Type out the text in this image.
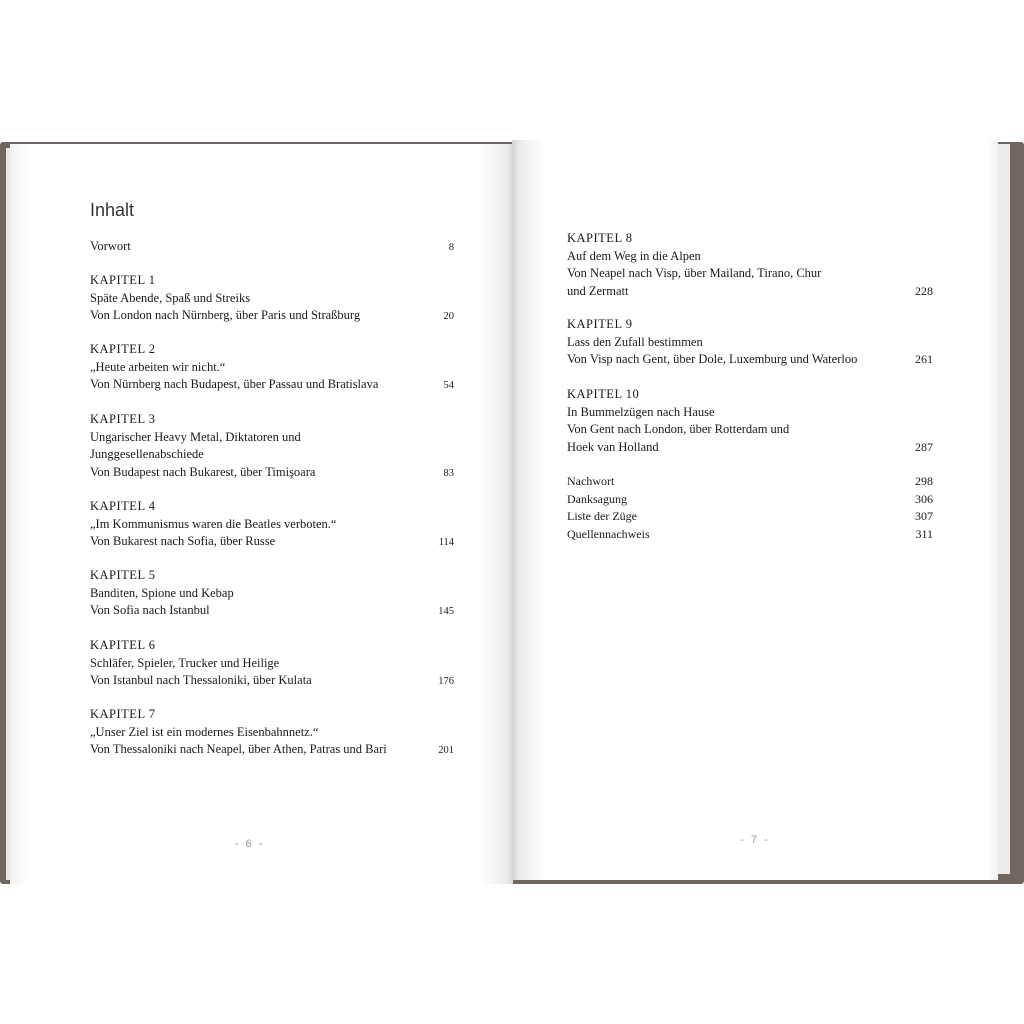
Inhalt
Vorwort	8
KAPITEL 1
Späte Abende, Spaß und Streiks
Von London nach Nürnberg, über Paris und Straßburg	20
KAPITEL 2
„Heute arbeiten wir nicht.“
Von Nürnberg nach Budapest, über Passau und Bratislava	54
KAPITEL 3
Ungarischer Heavy Metal, Diktatoren und
Junggesellenabschiede
Von Budapest nach Bukarest, über Timişoara	83
KAPITEL 4
„Im Kommunismus waren die Beatles verboten.“
Von Bukarest nach Sofia, über Russe	114
KAPITEL 5
Banditen, Spione und Kebap
Von Sofia nach Istanbul	145
KAPITEL 6
Schläfer, Spieler, Trucker und Heilige
Von Istanbul nach Thessaloniki, über Kulata	176
KAPITEL 7
„Unser Ziel ist ein modernes Eisenbahnnetz.“
Von Thessaloniki nach Neapel, über Athen, Patras und Bari	201
- 6 -
KAPITEL 8
Auf dem Weg in die Alpen
Von Neapel nach Visp, über Mailand, Tirano, Chur
und Zermatt	228
KAPITEL 9
Lass den Zufall bestimmen
Von Visp nach Gent, über Dole, Luxemburg und Waterloo	261
KAPITEL 10
In Bummelzügen nach Hause
Von Gent nach London, über Rotterdam und
Hoek van Holland	287
Nachwort	298
Danksagung	306
Liste der Züge	307
Quellennachweis	311
- 7 -
